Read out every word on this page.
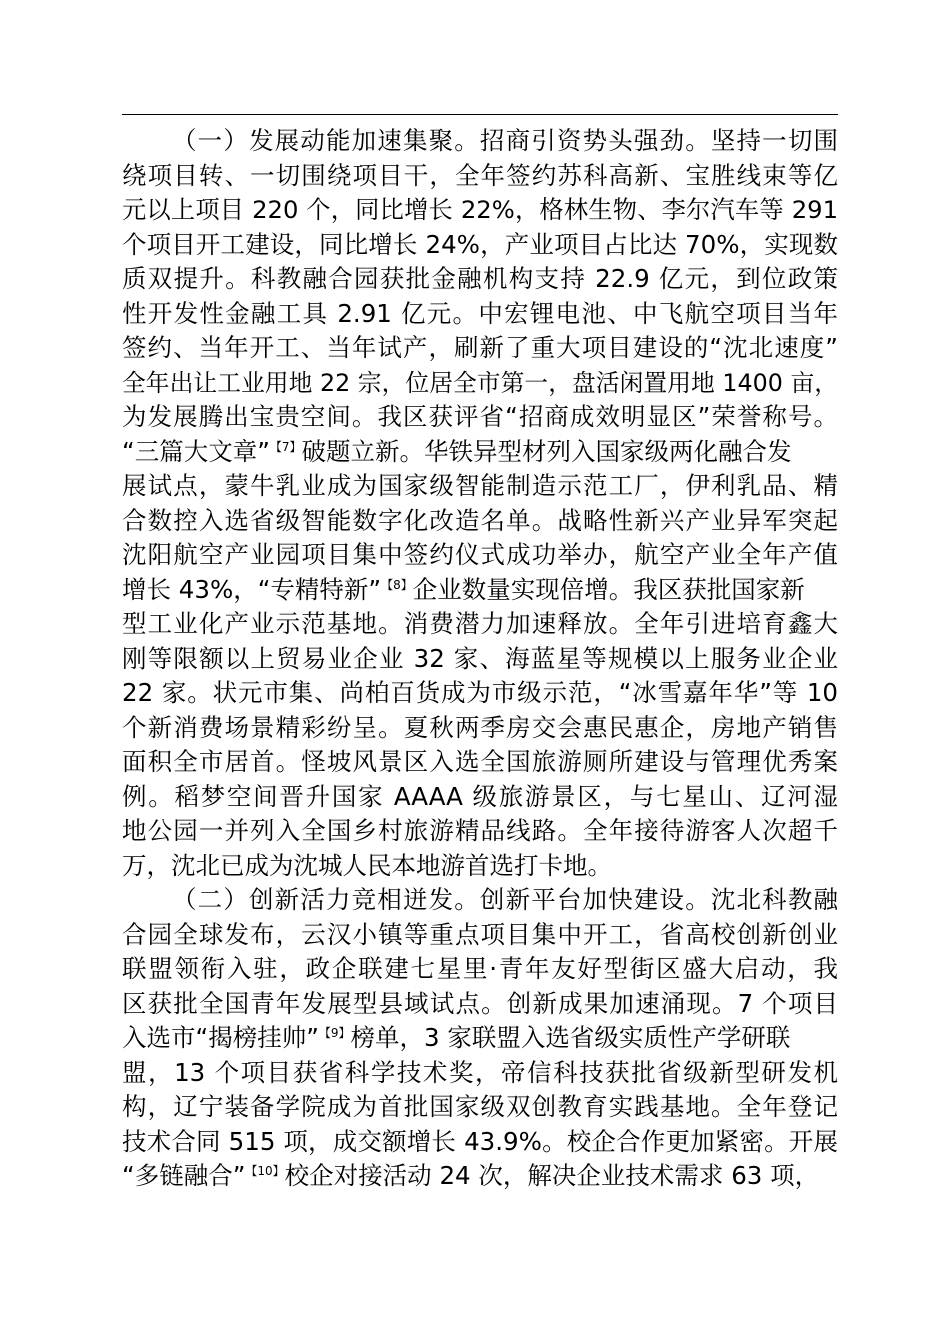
（一）发展动能加速集聚。招商引资势头强劲。坚持一切围
绕项目转、一切围绕项目干，全年签约苏科高新、宝胜线束等亿
元以上项目 220 个，同比增长 22%，格林生物、李尔汽车等 291
个项目开工建设，同比增长 24%，产业项目占比达 70%，实现数
质双提升。科教融合园获批金融机构支持 22.9 亿元，到位政策
性开发性金融工具 2.91 亿元。中宏锂电池、中飞航空项目当年
签约、当年开工、当年试产，刷新了重大项目建设的“沈北速度”
全年出让工业用地 22 宗，位居全市第一，盘活闲置用地 1400 亩，
为发展腾出宝贵空间。我区获评省“招商成效明显区”荣誉称号。
“三篇大文章”$^{【7】}$破题立新。华铁异型材列入国家级两化融合发
展试点，蒙牛乳业成为国家级智能制造示范工厂，伊利乳品、精
合数控入选省级智能数字化改造名单。战略性新兴产业异军突起
沈阳航空产业园项目集中签约仪式成功举办，航空产业全年产值
增长 43%，“专精特新”$^{【8】}$企业数量实现倍增。我区获批国家新
型工业化产业示范基地。消费潜力加速释放。全年引进培育鑫大
刚等限额以上贸易业企业 32 家、海蓝星等规模以上服务业企业
22 家。状元市集、尚柏百货成为市级示范，“冰雪嘉年华”等 10
个新消费场景精彩纷呈。夏秋两季房交会惠民惠企，房地产销售
面积全市居首。怪坡风景区入选全国旅游厕所建设与管理优秀案
例。稻梦空间晋升国家 AAAA 级旅游景区，与七星山、辽河湿
地公园一并列入全国乡村旅游精品线路。全年接待游客人次超千
万，沈北已成为沈城人民本地游首选打卡地。
（二）创新活力竞相迸发。创新平台加快建设。沈北科教融
合园全球发布，云汉小镇等重点项目集中开工，省高校创新创业
联盟领衔入驻，政企联建七星里·青年友好型街区盛大启动，我
区获批全国青年发展型县域试点。创新成果加速涌现。7 个项目
入选市“揭榜挂帅”$^{【9】}$榜单，3 家联盟入选省级实质性产学研联
盟，13 个项目获省科学技术奖，帝信科技获批省级新型研发机
构，辽宁装备学院成为首批国家级双创教育实践基地。全年登记
技术合同 515 项，成交额增长 43.9%。校企合作更加紧密。开展
“多链融合”$^{【10】}$校企对接活动 24 次，解决企业技术需求 63 项，
